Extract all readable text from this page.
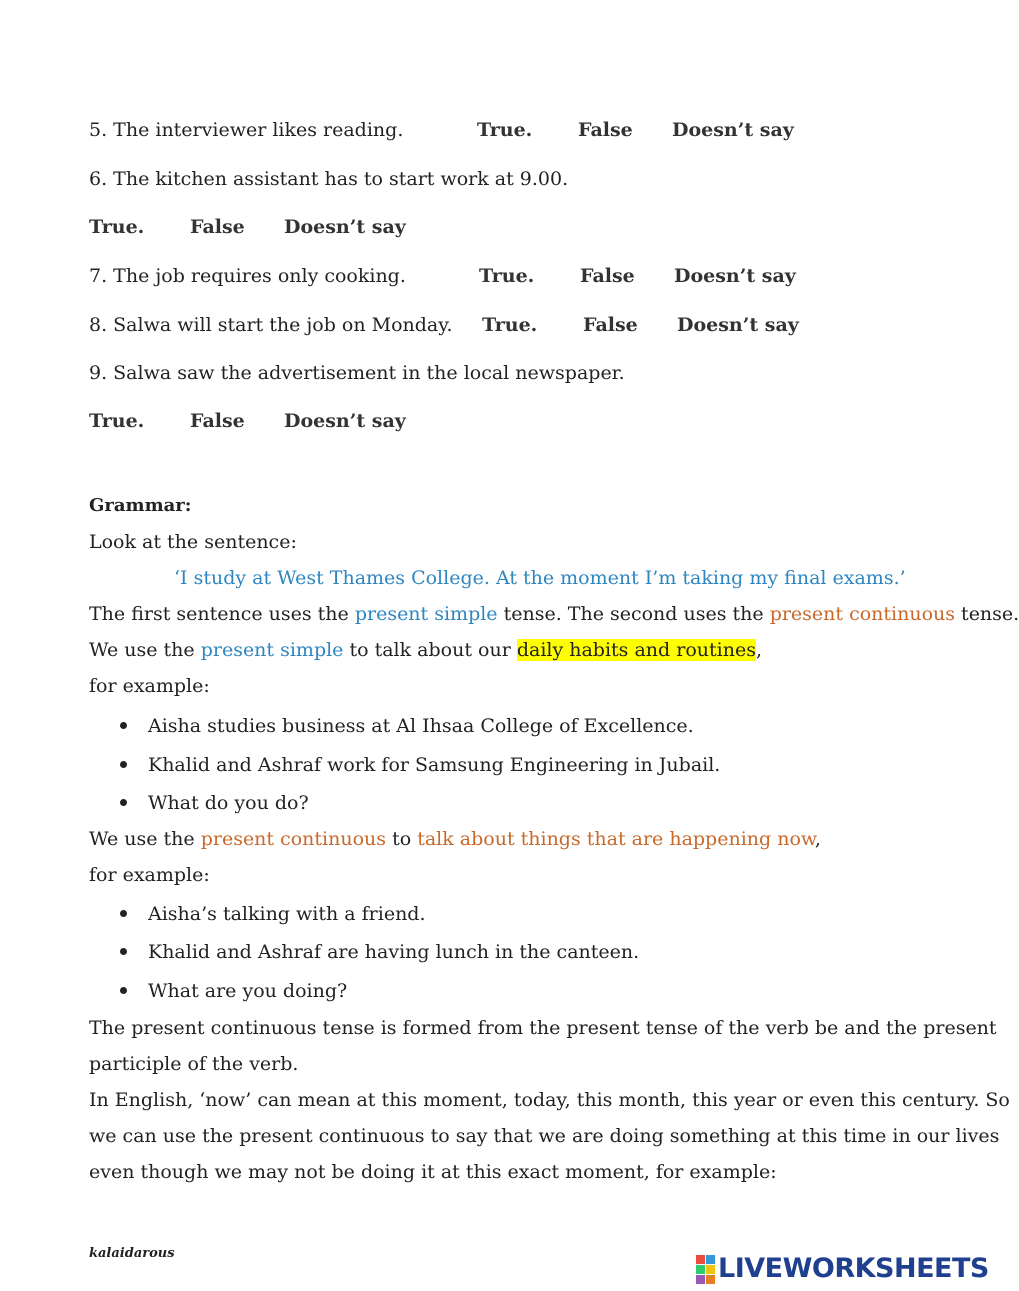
5. The interviewer likes reading.	True. False Doesn’t say
6. The kitchen assistant has to start work at 9.00.
True. False Doesn’t say
7. The job requires only cooking.	True. False Doesn’t say
8. Salwa will start the job on Monday. True. False Doesn’t say
9. Salwa saw the advertisement in the local newspaper.
True. False Doesn’t say
Grammar:
Look at the sentence:
‘I study at West Thames College. At the moment I’m taking my final exams.’
The first sentence uses the present simple tense. The second uses the present continuous tense.
We use the present simple to talk about our daily habits and routines,
for example:
Aisha studies business at Al Ihsaa College of Excellence.
Khalid and Ashraf work for Samsung Engineering in Jubail.
What do you do?
We use the present continuous to talk about things that are happening now,
for example:
Aisha’s talking with a friend.
Khalid and Ashraf are having lunch in the canteen.
What are you doing?
The present continuous tense is formed from the present tense of the verb be and the present
participle of the verb.
In English, ‘now’ can mean at this moment, today, this month, this year or even this century. So
we can use the present continuous to say that we are doing something at this time in our lives
even though we may not be doing it at this exact moment, for example:
kalaidarous	LIVEWORKSHEETS
